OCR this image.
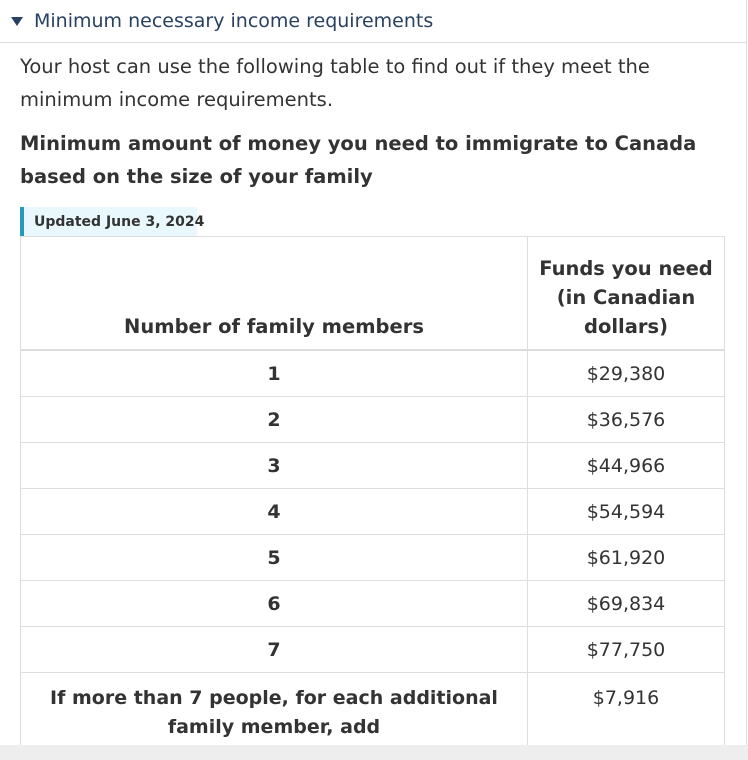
Minimum necessary income requirements
Your host can use the following table to find out if they meet the minimum income requirements.
Minimum amount of money you need to immigrate to Canada based on the size of your family
Updated June 3, 2024
Number of family members	Funds you need (in Canadian dollars)
1	$29,380
2	$36,576
3	$44,966
4	$54,594
5	$61,920
6	$69,834
7	$77,750
If more than 7 people, for each additional family member, add	$7,916
